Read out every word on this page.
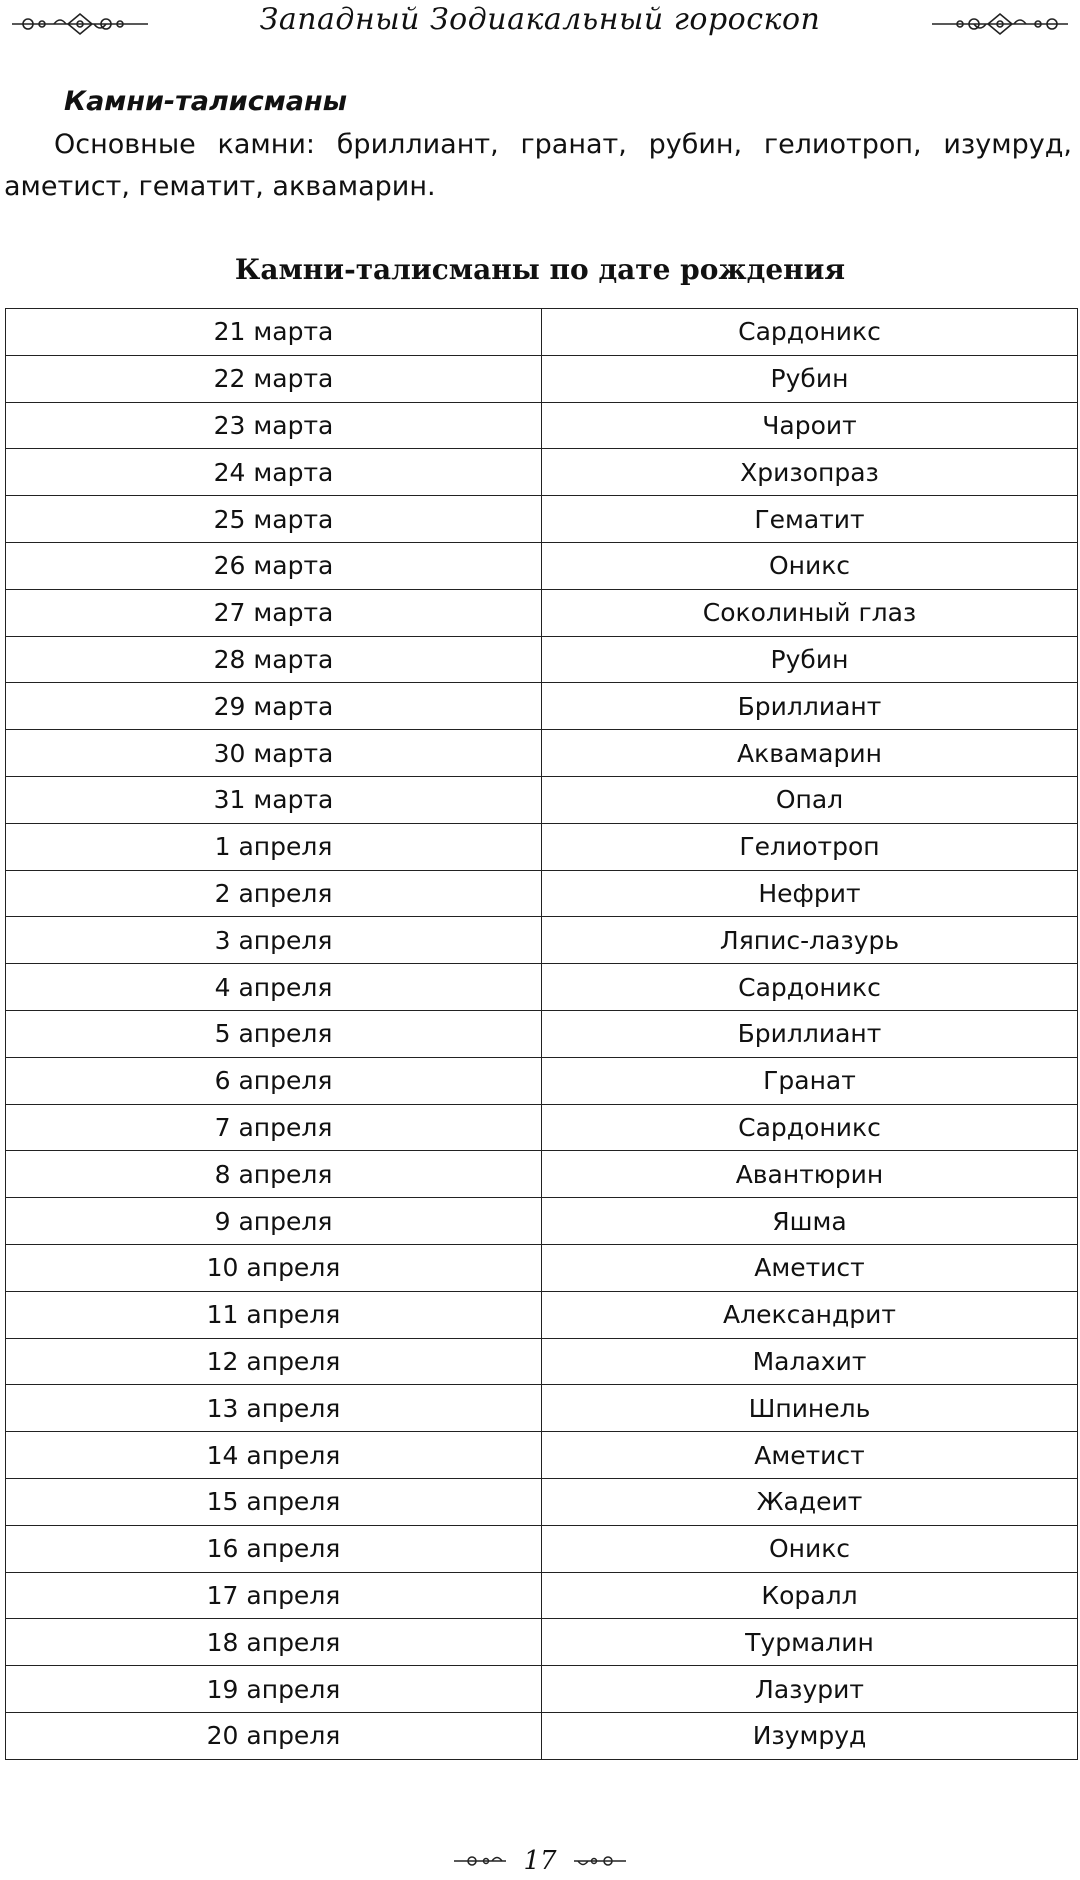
Западный Зодиакальный гороскоп
Камни-талисманы

Основные камни: бриллиант, гранат, рубин, гелиотроп, изумруд, аметист, гематит, аквамарин.

Камни-талисманы по дате рождения
21 марта	Сардоникс
22 марта	Рубин
23 марта	Чароит
24 марта	Хризопраз
25 марта	Гематит
26 марта	Оникс
27 марта	Соколиный глаз
28 марта	Рубин
29 марта	Бриллиант
30 марта	Аквамарин
31 марта	Опал
1 апреля	Гелиотроп
2 апреля	Нефрит
3 апреля	Ляпис-лазурь
4 апреля	Сардоникс
5 апреля	Бриллиант
6 апреля	Гранат
7 апреля	Сардоникс
8 апреля	Авантюрин
9 апреля	Яшма
10 апреля	Аметист
11 апреля	Александрит
12 апреля	Малахит
13 апреля	Шпинель
14 апреля	Аметист
15 апреля	Жадеит
16 апреля	Оникс
17 апреля	Коралл
18 апреля	Турмалин
19 апреля	Лазурит
20 апреля	Изумруд
17
